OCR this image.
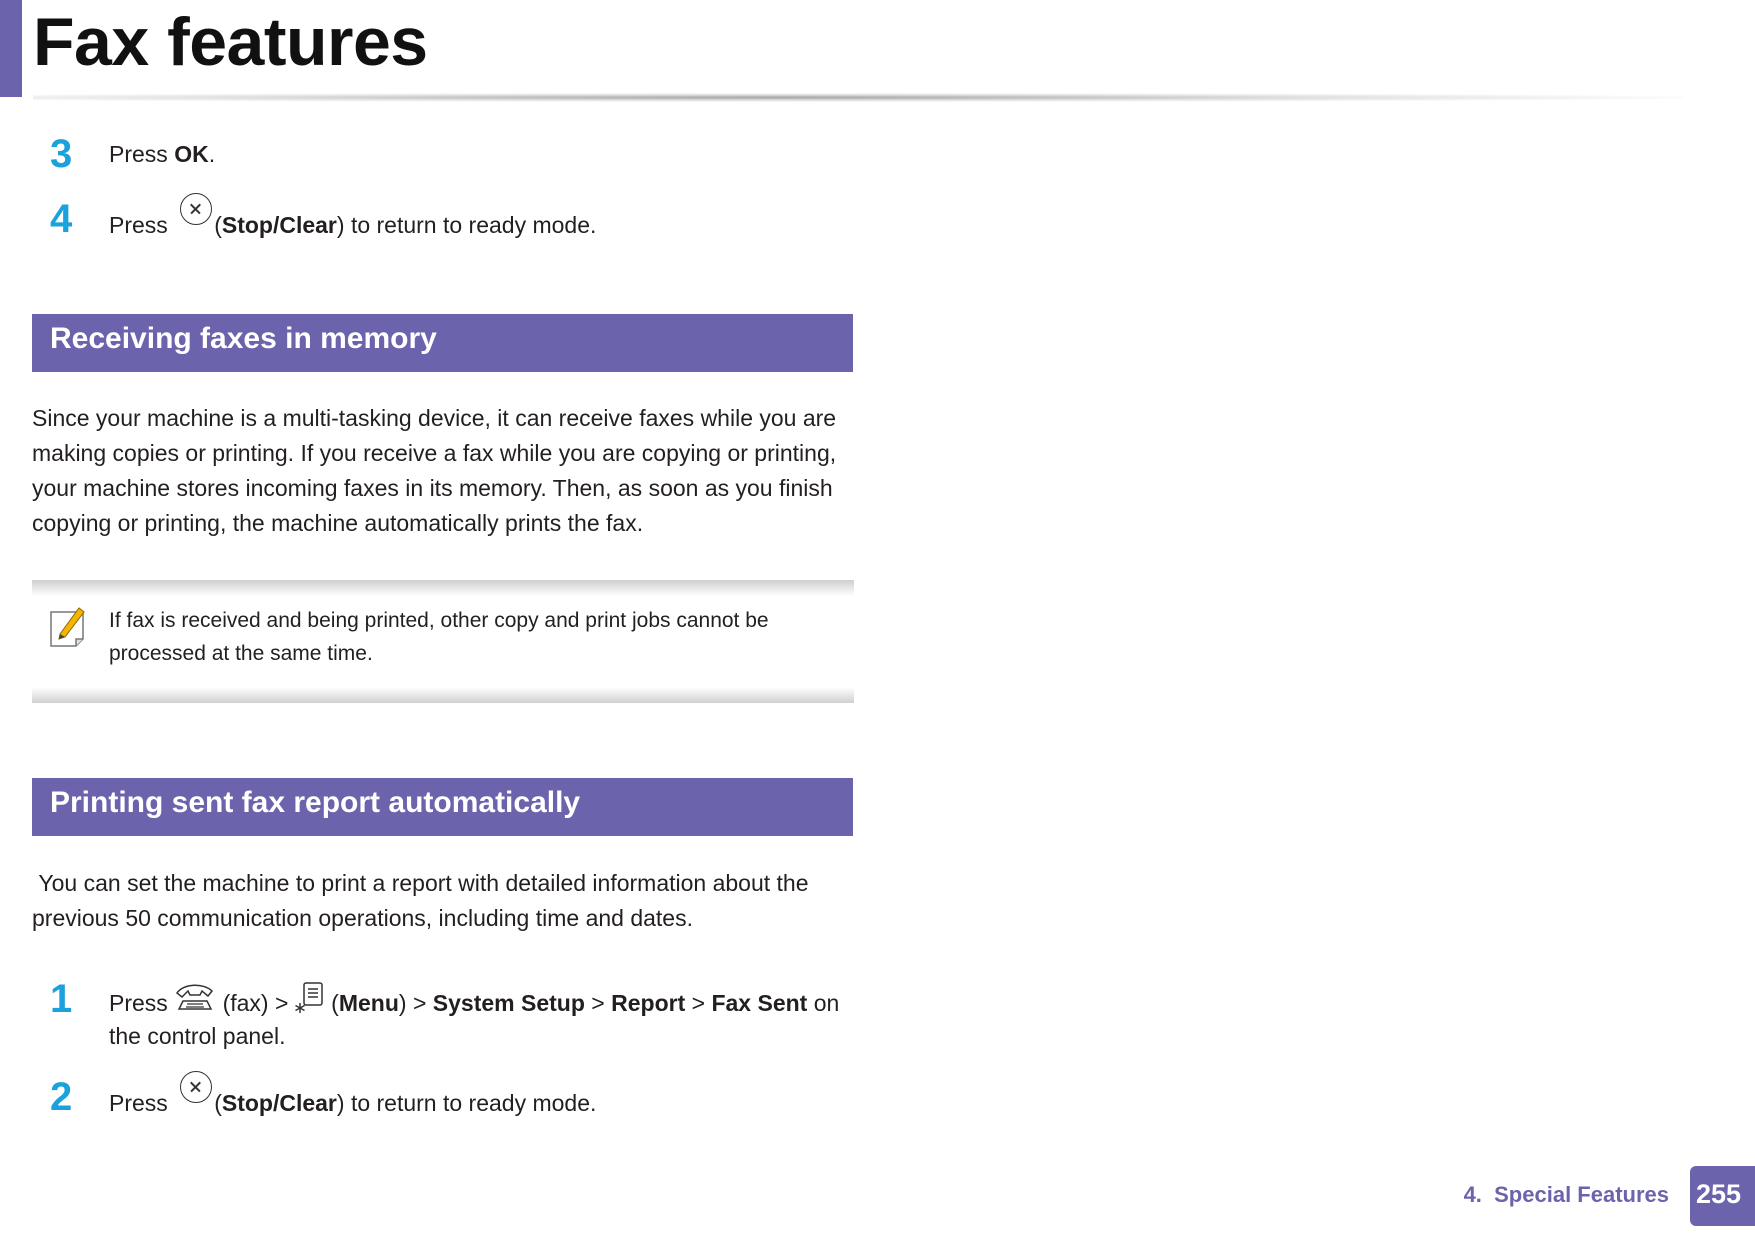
Fax features
3 Press OK.
4 Press (Stop/Clear) to return to ready mode.
Receiving faxes in memory

Since your machine is a multi-tasking device, it can receive faxes while you are making copies or printing. If you receive a fax while you are copying or printing, your machine stores incoming faxes in its memory. Then, as soon as you finish copying or printing, the machine automatically prints the fax.

If fax is received and being printed, other copy and print jobs cannot be processed at the same time.

Printing sent fax report automatically

You can set the machine to print a report with detailed information about the previous 50 communication operations, including time and dates.

1 Press  (fax) >  (Menu) > System Setup > Report > Fax Sent on the control panel.
2 Press (Stop/Clear) to return to ready mode.
4.  Special Features 255
